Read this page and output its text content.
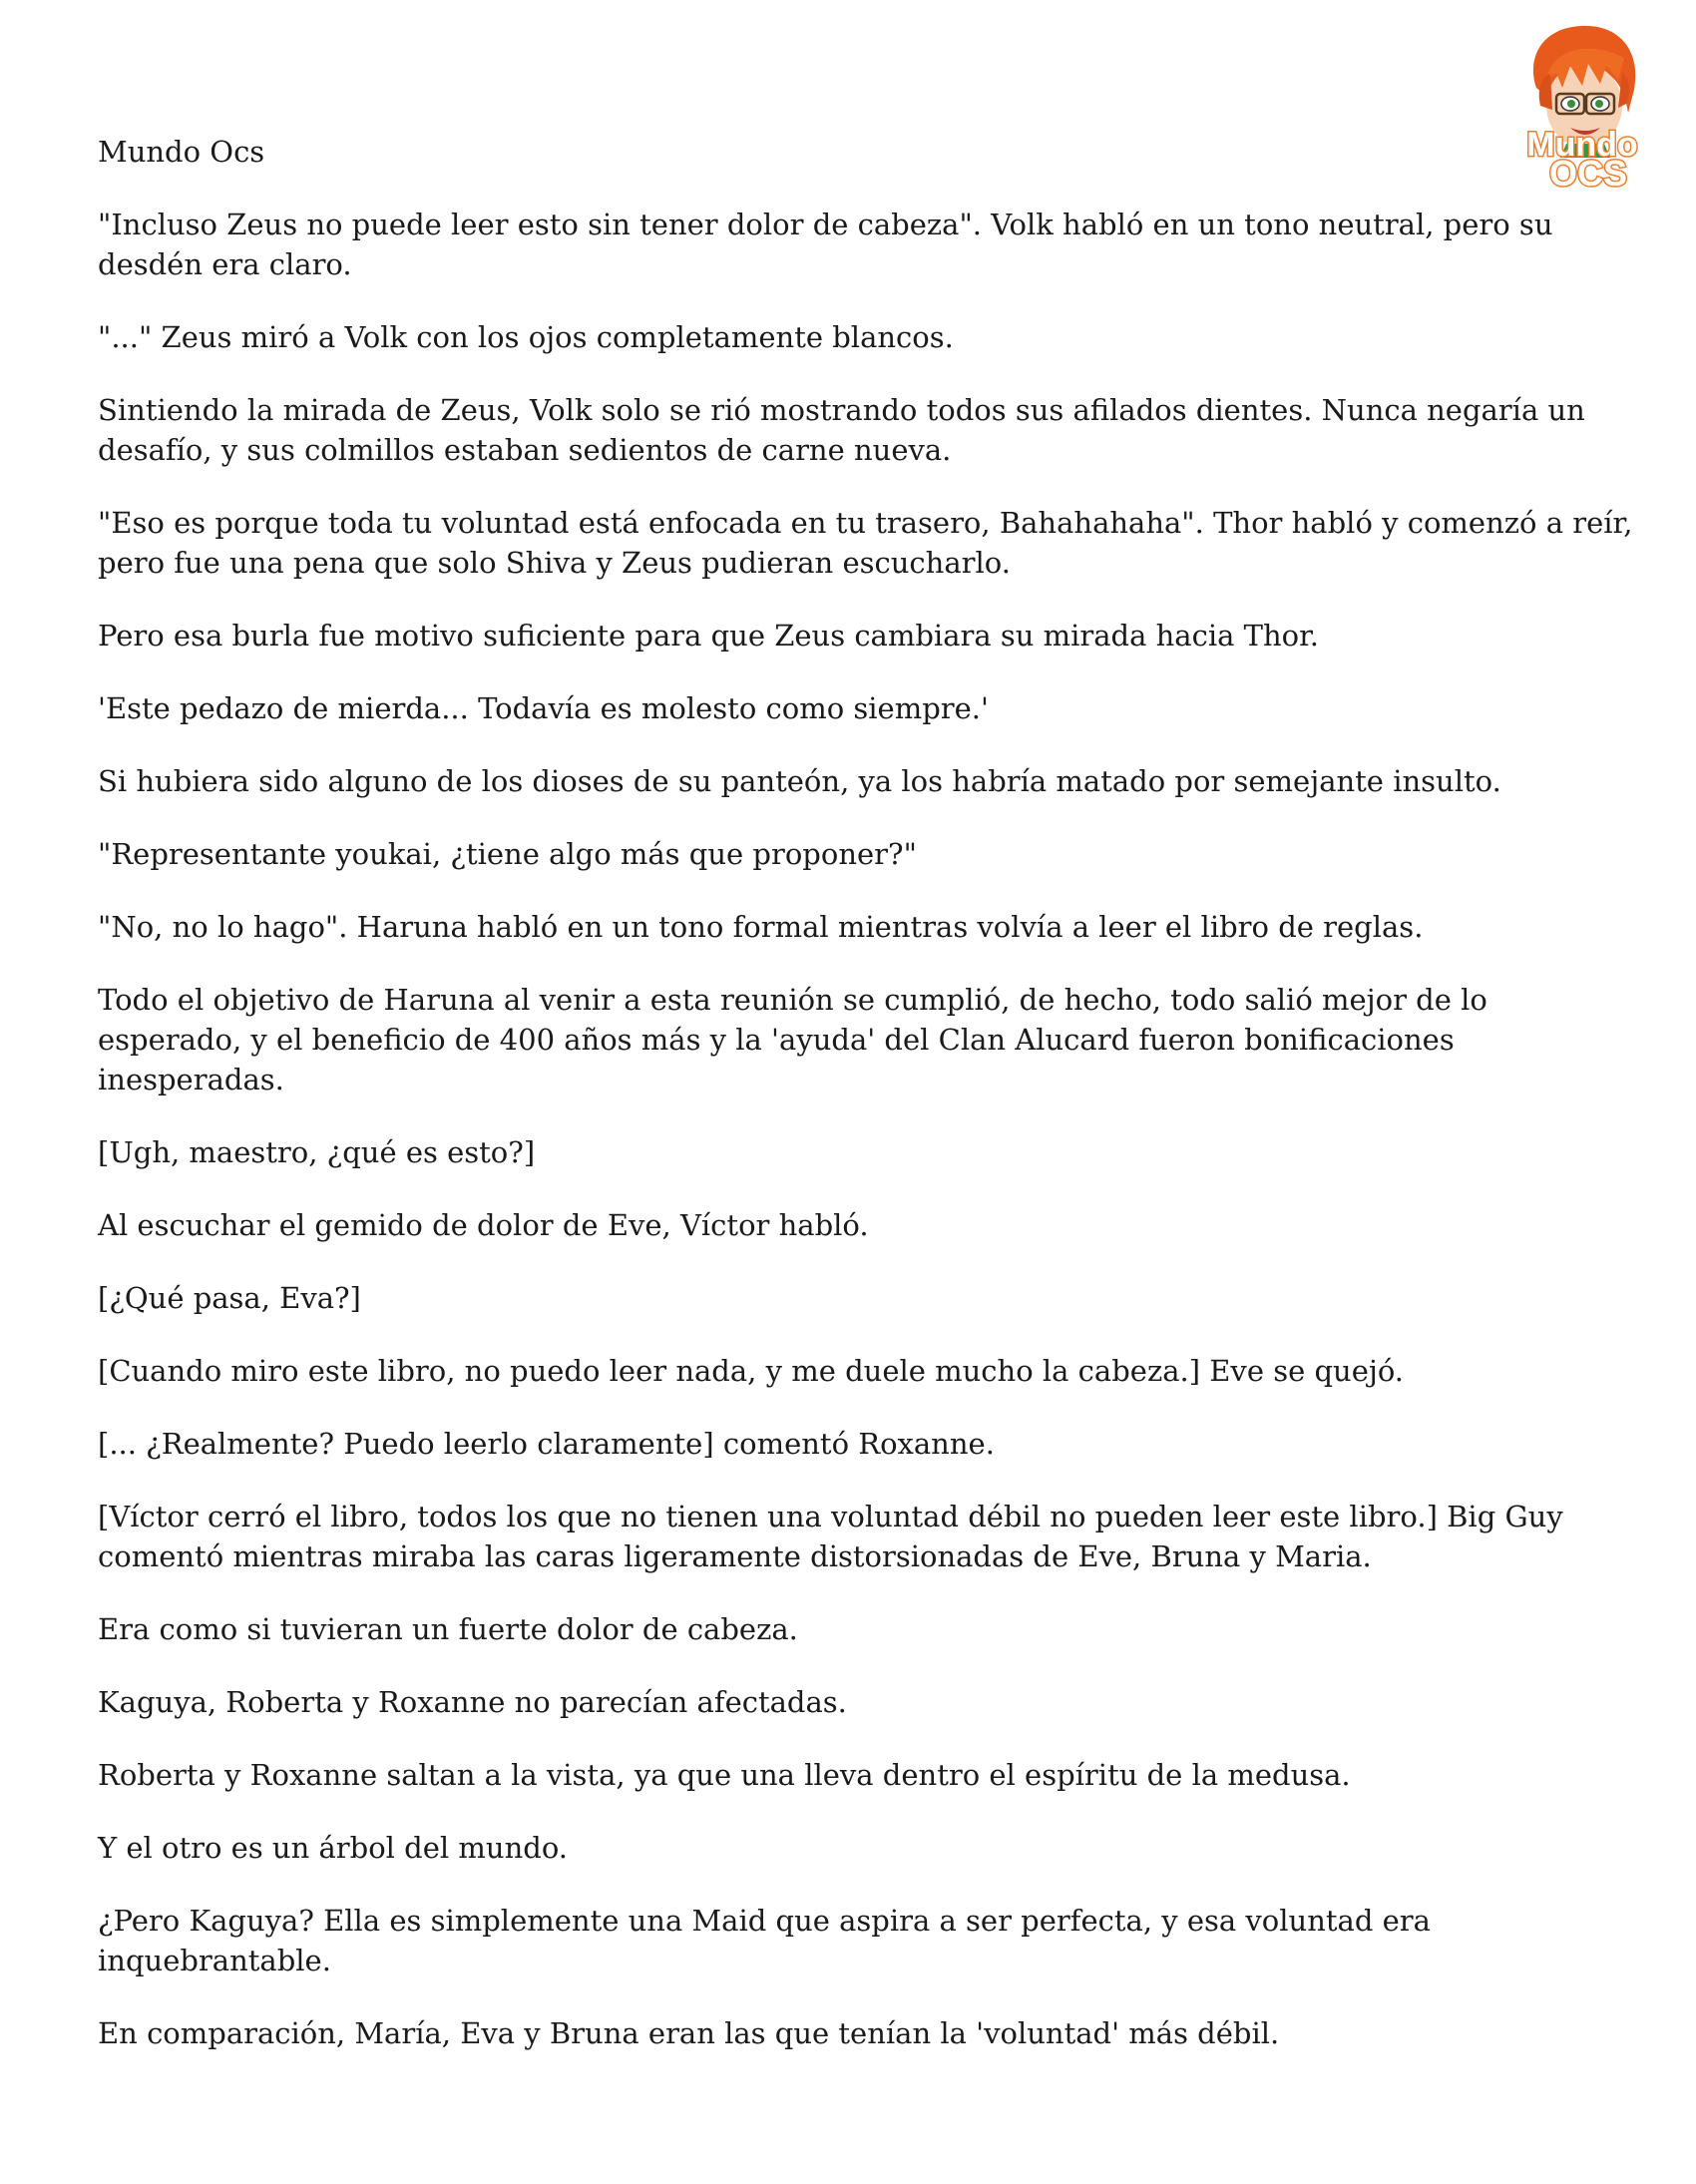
Mundo
OCS

Mundo Ocs

"Incluso Zeus no puede leer esto sin tener dolor de cabeza". Volk habló en un tono neutral, pero su desdén era claro.

"..." Zeus miró a Volk con los ojos completamente blancos.

Sintiendo la mirada de Zeus, Volk solo se rió mostrando todos sus afilados dientes. Nunca negaría un desafío, y sus colmillos estaban sedientos de carne nueva.

"Eso es porque toda tu voluntad está enfocada en tu trasero, Bahahahaha". Thor habló y comenzó a reír, pero fue una pena que solo Shiva y Zeus pudieran escucharlo.

Pero esa burla fue motivo suficiente para que Zeus cambiara su mirada hacia Thor.

'Este pedazo de mierda... Todavía es molesto como siempre.'

Si hubiera sido alguno de los dioses de su panteón, ya los habría matado por semejante insulto.

"Representante youkai, ¿tiene algo más que proponer?"

"No, no lo hago". Haruna habló en un tono formal mientras volvía a leer el libro de reglas.

Todo el objetivo de Haruna al venir a esta reunión se cumplió, de hecho, todo salió mejor de lo esperado, y el beneficio de 400 años más y la 'ayuda' del Clan Alucard fueron bonificaciones inesperadas.

[Ugh, maestro, ¿qué es esto?]

Al escuchar el gemido de dolor de Eve, Víctor habló.

[¿Qué pasa, Eva?]

[Cuando miro este libro, no puedo leer nada, y me duele mucho la cabeza.] Eve se quejó.

[... ¿Realmente? Puedo leerlo claramente] comentó Roxanne.

[Víctor cerró el libro, todos los que no tienen una voluntad débil no pueden leer este libro.] Big Guy comentó mientras miraba las caras ligeramente distorsionadas de Eve, Bruna y Maria.

Era como si tuvieran un fuerte dolor de cabeza.

Kaguya, Roberta y Roxanne no parecían afectadas.

Roberta y Roxanne saltan a la vista, ya que una lleva dentro el espíritu de la medusa.

Y el otro es un árbol del mundo.

¿Pero Kaguya? Ella es simplemente una Maid que aspira a ser perfecta, y esa voluntad era inquebrantable.

En comparación, María, Eva y Bruna eran las que tenían la 'voluntad' más débil.
